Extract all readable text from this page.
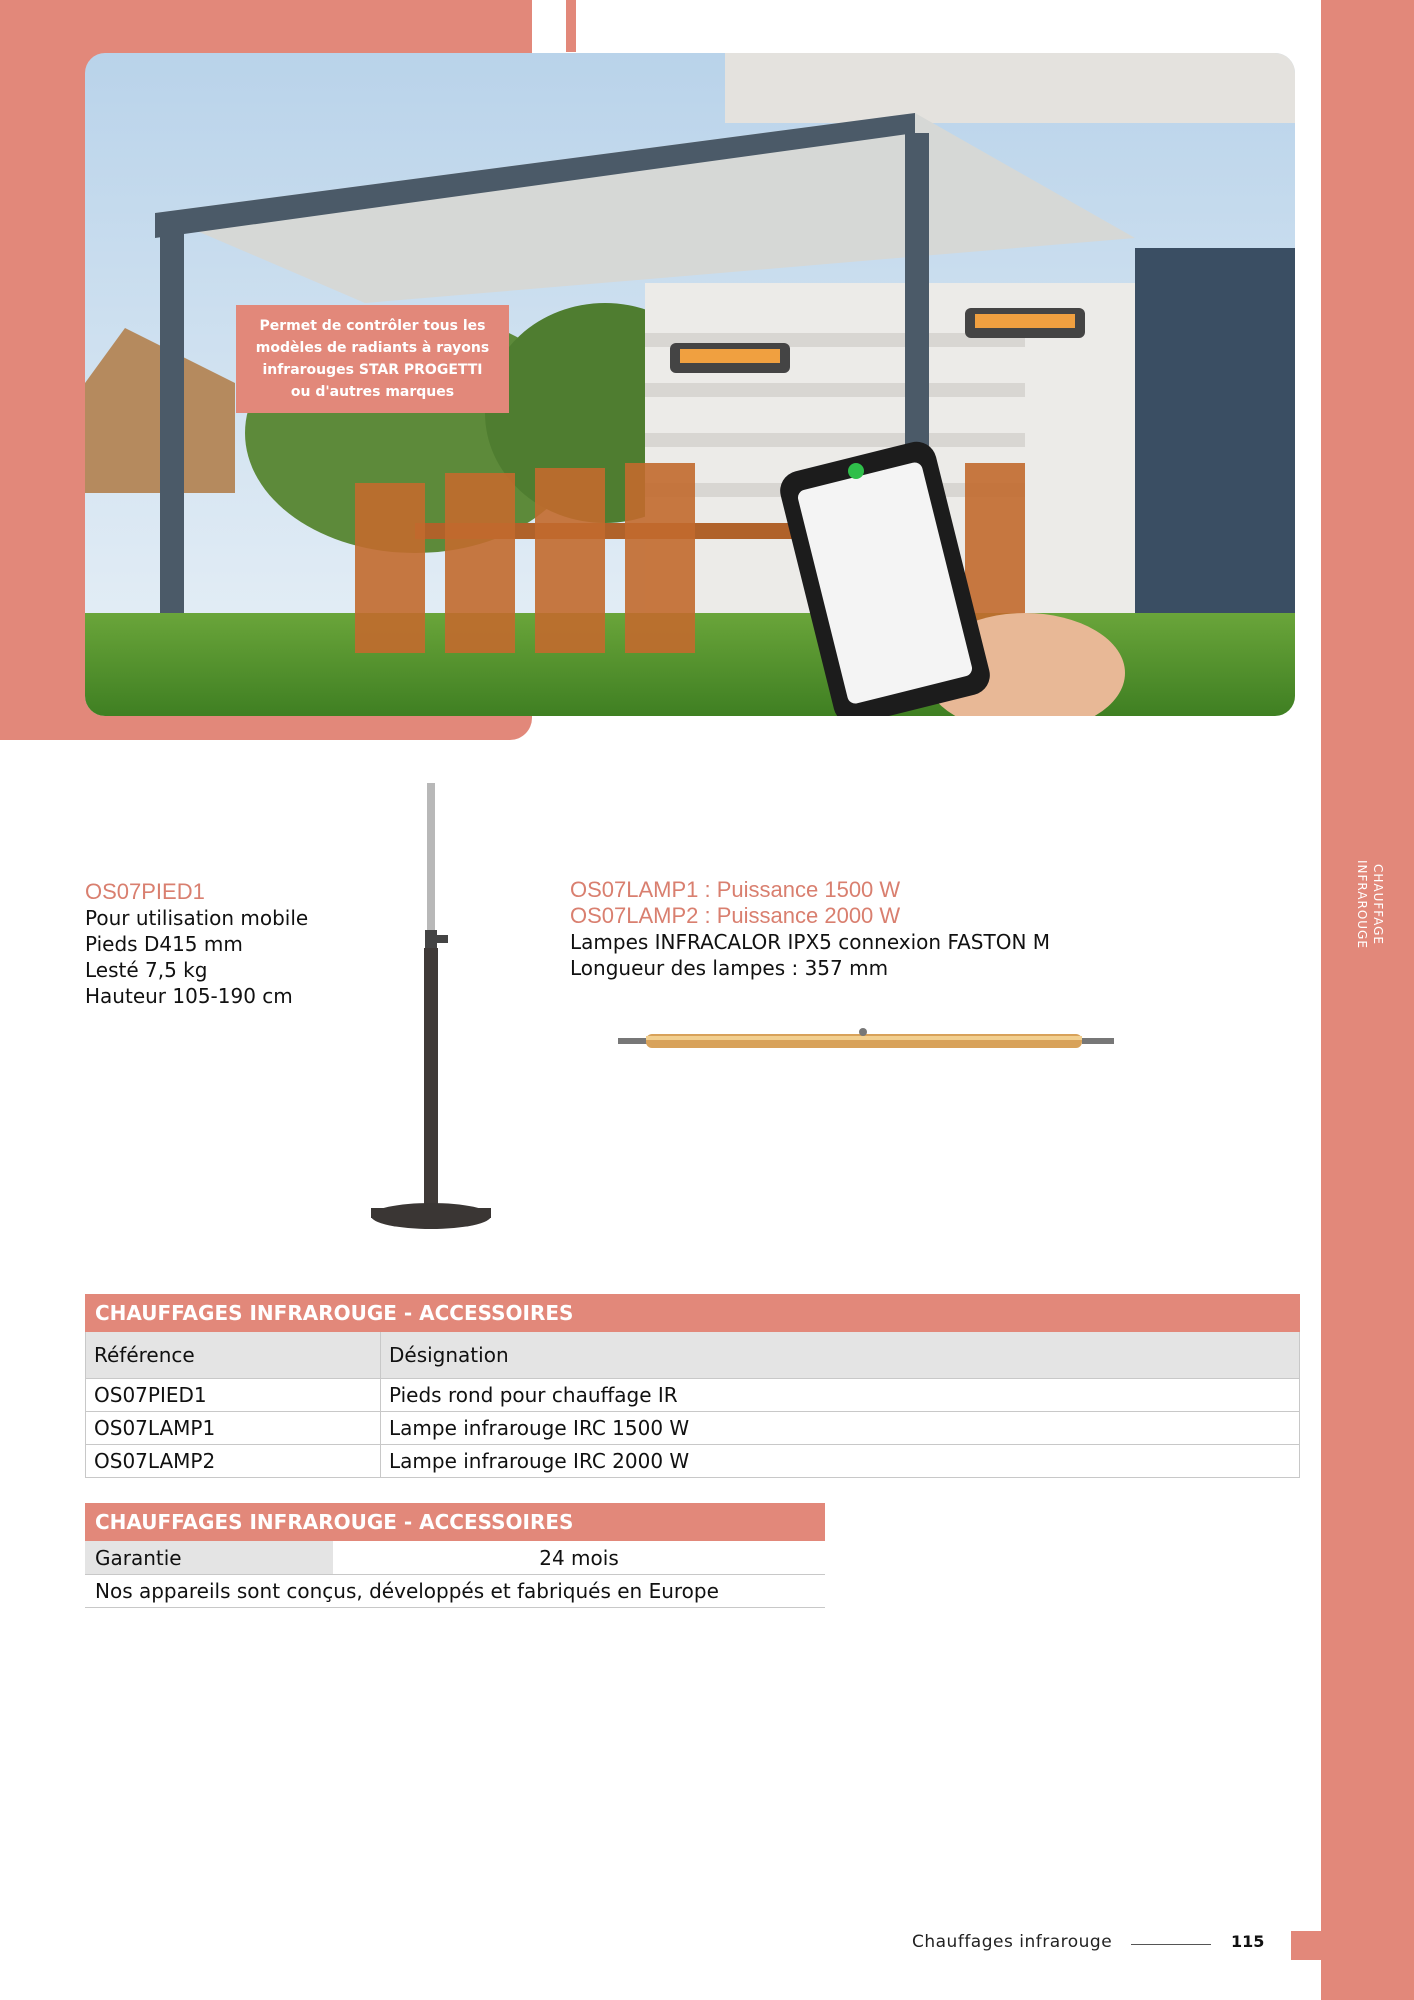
CHAUFFAGE
INFRAROUGE
Permet de contrôler tous les
modèles de radiants à rayons
infrarouges STAR PROGETTI
ou d'autres marques
OS07PIED1
Pour utilisation mobile
Pieds D415 mm
Lesté 7,5 kg
Hauteur 105-190 cm
OS07LAMP1 : Puissance 1500 W
OS07LAMP2 : Puissance 2000 W
Lampes INFRACALOR IPX5 connexion FASTON M
Longueur des lampes : 357 mm
CHAUFFAGES INFRAROUGE - ACCESSOIRES
Référence	Désignation
OS07PIED1	Pieds rond pour chauffage IR
OS07LAMP1	Lampe infrarouge IRC 1500 W
OS07LAMP2	Lampe infrarouge IRC 2000 W
CHAUFFAGES INFRAROUGE - ACCESSOIRES
Garantie	24 mois
Nos appareils sont conçus, développés et fabriqués en Europe
Chauffages infrarouge	115
